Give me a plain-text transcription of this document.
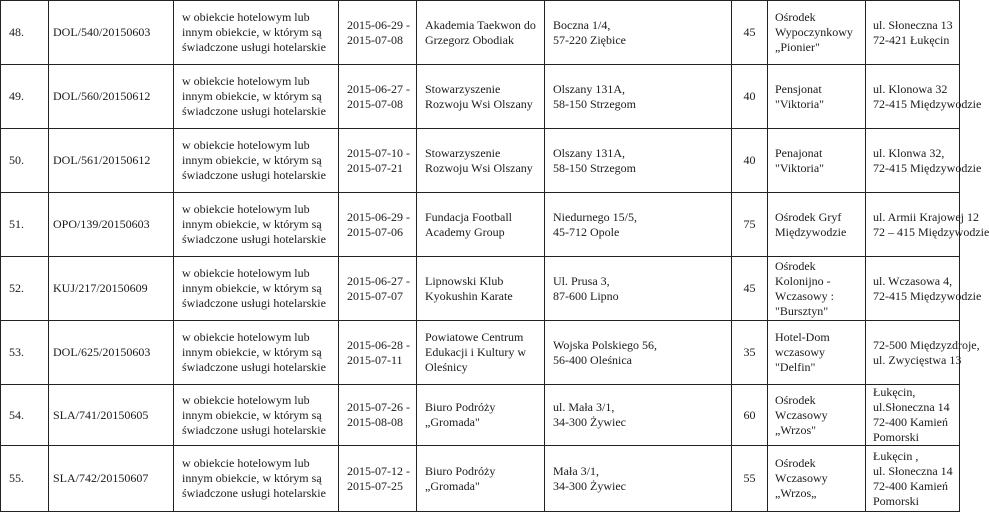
48.	DOL/540/20150603	w obiekcie hotelowym lub
innym obiekcie, w którym są
świadczone usługi hotelarskie	2015-06-29 -
2015-07-08	Akademia Taekwon do
Grzegorz Obodiak	Boczna 1/4,
57-220 Ziębice	45	Ośrodek
Wypoczynkowy
„Pionier"	ul. Słoneczna 13
72-421 Łukęcin

49.	DOL/560/20150612	w obiekcie hotelowym lub
innym obiekcie, w którym są
świadczone usługi hotelarskie	2015-06-27 -
2015-07-08	Stowarzyszenie
Rozwoju Wsi Olszany	Olszany 131A,
58-150 Strzegom	40	Pensjonat
"Viktoria"	ul. Klonowa 32
72-415 Międzywodzie

50.	DOL/561/20150612	w obiekcie hotelowym lub
innym obiekcie, w którym są
świadczone usługi hotelarskie	2015-07-10 -
2015-07-21	Stowarzyszenie
Rozwoju Wsi Olszany	Olszany 131A,
58-150 Strzegom	40	Penajonat
"Viktoria"	ul. Klonwa 32,
72-415 Międzywodzie

51.	OPO/139/20150603	w obiekcie hotelowym lub
innym obiekcie, w którym są
świadczone usługi hotelarskie	2015-06-29 -
2015-07-06	Fundacja Football
Academy Group	Niedurnego 15/5,
45-712 Opole	75	Ośrodek Gryf
Międzywodzie	ul. Armii Krajowej 12
72 – 415 Międzywodzie

52.	KUJ/217/20150609	w obiekcie hotelowym lub
innym obiekcie, w którym są
świadczone usługi hotelarskie	2015-06-27 -
2015-07-07	Lipnowski Klub
Kyokushin Karate	Ul. Prusa 3,
87-600 Lipno	45	Ośrodek
Kolonijno -
Wczasowy :
"Bursztyn"	ul. Wczasowa 4,
72-415 Międzywodzie

53.	DOL/625/20150603	w obiekcie hotelowym lub
innym obiekcie, w którym są
świadczone usługi hotelarskie	2015-06-28 -
2015-07-11	Powiatowe Centrum
Edukacji i Kultury w
Oleśnicy	Wojska Polskiego 56,
56-400 Oleśnica	35	Hotel-Dom
wczasowy
"Delfin"	72-500 Międzyzdroje,
ul. Zwycięstwa 13

54.	SLA/741/20150605	w obiekcie hotelowym lub
innym obiekcie, w którym są
świadczone usługi hotelarskie	2015-07-26 -
2015-08-08	Biuro Podróży
„Gromada"	ul. Mała 3/1,
34-300 Żywiec	60	Ośrodek
Wczasowy
„Wrzos"	Łukęcin,
ul.Słoneczna 14
72-400 Kamień
Pomorski

55.	SLA/742/20150607	w obiekcie hotelowym lub
innym obiekcie, w którym są
świadczone usługi hotelarskie	2015-07-12 -
2015-07-25	Biuro Podróży
„Gromada"	Mała 3/1,
34-300 Żywiec	55	Ośrodek
Wczasowy
„Wrzos„	Łukęcin ,
ul. Słoneczna 14
72-400 Kamień
Pomorski
